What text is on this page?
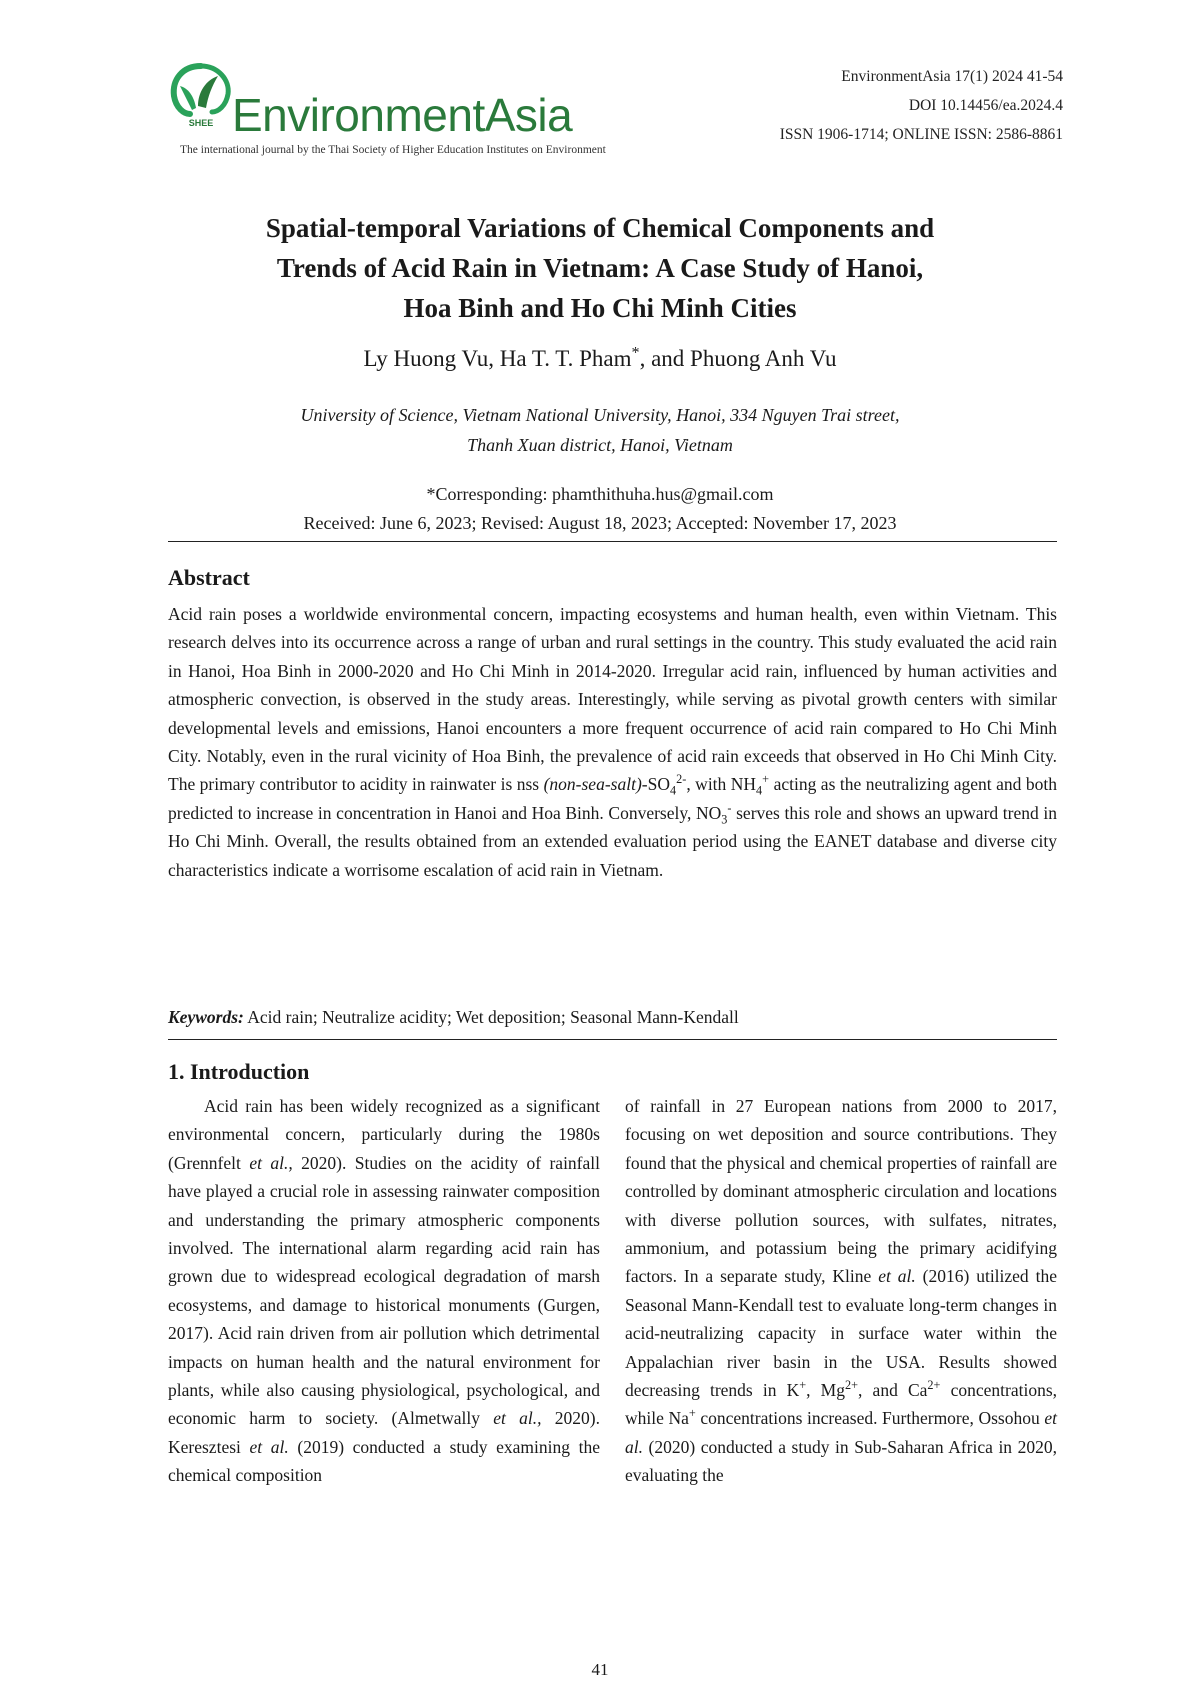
SHEE EnvironmentAsia
The international journal by the Thai Society of Higher Education Institutes on Environment
EnvironmentAsia 17(1) 2024 41-54
DOI 10.14456/ea.2024.4
ISSN 1906-1714; ONLINE ISSN: 2586-8861
Spatial-temporal Variations of Chemical Components and
Trends of Acid Rain in Vietnam: A Case Study of Hanoi,
Hoa Binh and Ho Chi Minh Cities
Ly Huong Vu, Ha T. T. Pham*, and Phuong Anh Vu
University of Science, Vietnam National University, Hanoi, 334 Nguyen Trai street,
Thanh Xuan district, Hanoi, Vietnam
*Corresponding: phamthithuha.hus@gmail.com
Received: June 6, 2023; Revised: August 18, 2023; Accepted: November 17, 2023
Abstract
Acid rain poses a worldwide environmental concern, impacting ecosystems and human health, even within Vietnam. This research delves into its occurrence across a range of urban and rural settings in the country. This study evaluated the acid rain in Hanoi, Hoa Binh in 2000-2020 and Ho Chi Minh in 2014-2020. Irregular acid rain, influenced by human activities and atmospheric convection, is observed in the study areas. Interestingly, while serving as pivotal growth centers with similar developmental levels and emissions, Hanoi encounters a more frequent occurrence of acid rain compared to Ho Chi Minh City. Notably, even in the rural vicinity of Hoa Binh, the prevalence of acid rain exceeds that observed in Ho Chi Minh City. The primary contributor to acidity in rainwater is nss $(non-sea-salt)-SO_4^{2-}$, with $NH_4^+$ acting as the neutralizing agent and both predicted to increase in concentration in Hanoi and Hoa Binh. Conversely, $NO_3^-$ serves this role and shows an upward trend in Ho Chi Minh. Overall, the results obtained from an extended evaluation period using the EANET database and diverse city characteristics indicate a worrisome escalation of acid rain in Vietnam.
Keywords: Acid rain; Neutralize acidity; Wet deposition; Seasonal Mann-Kendall
1. Introduction

Acid rain has been widely recognized as a significant environmental concern, particularly during the 1980s (Grennfelt et al., 2020). Studies on the acidity of rainfall have played a crucial role in assessing rainwater composition and understanding the primary atmospheric components involved. The international alarm regarding acid rain has grown due to widespread ecological degradation of marsh ecosystems, and damage to historical monuments (Gurgen, 2017). Acid rain driven from air pollution which detrimental impacts on human health and the natural environment for plants, while also causing physiological, psychological, and economic harm to society. (Almetwally et al., 2020). Keresztesi et al. (2019) conducted a study examining the chemical composition

of rainfall in 27 European nations from 2000 to 2017, focusing on wet deposition and source contributions. They found that the physical and chemical properties of rainfall are controlled by dominant atmospheric circulation and locations with diverse pollution sources, with sulfates, nitrates, ammonium, and potassium being the primary acidifying factors. In a separate study, Kline et al. (2016) utilized the Seasonal Mann-Kendall test to evaluate long-term changes in acid-neutralizing capacity in surface water within the Appalachian river basin in the USA. Results showed decreasing trends in K+, $Mg^{2+}$, and $Ca^{2+}$ concentrations, while Na+ concentrations increased. Furthermore, Ossohou et al. (2020) conducted a study in Sub-Saharan Africa in 2020, evaluating the

41
